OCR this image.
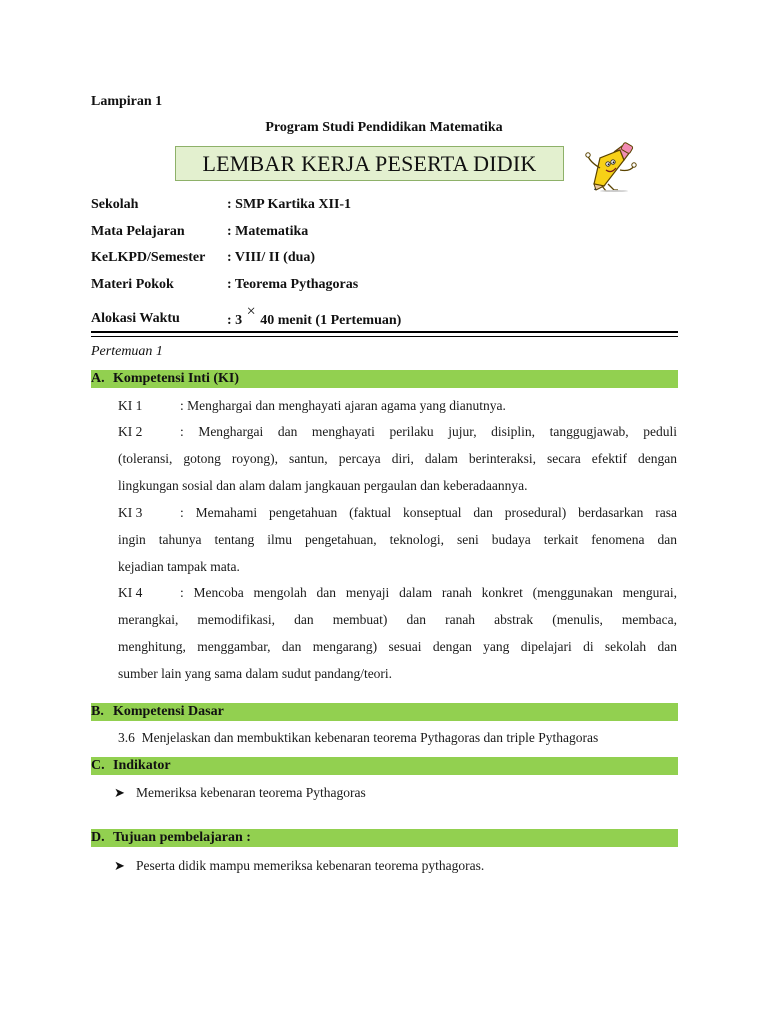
Lampiran 1
Program Studi Pendidikan Matematika
LEMBAR KERJA PESERTA DIDIK
Sekolah	: SMP Kartika XII-1
Mata Pelajaran	: Matematika
KeLKPD/Semester : VIII/ II (dua)
Materi Pokok	: Teorema Pythagoras
Alokasi Waktu	: 3 × 40 menit (1 Pertemuan)
Pertemuan 1
A. Kompetensi Inti (KI)
KI 1	: Menghargai dan menghayati ajaran agama yang dianutnya.
KI 2	: Menghargai dan menghayati perilaku jujur, disiplin, tanggugjawab, peduli
(toleransi, gotong royong), santun, percaya diri, dalam berinteraksi, secara efektif dengan
lingkungan sosial dan alam dalam jangkauan pergaulan dan keberadaannya.
KI 3	: Memahami pengetahuan (faktual konseptual dan prosedural) berdasarkan rasa
ingin tahunya tentang ilmu pengetahuan, teknologi, seni budaya terkait fenomena dan
kejadian tampak mata.
KI 4	: Mencoba mengolah dan menyaji dalam ranah konkret (menggunakan mengurai,
merangkai, memodifikasi, dan membuat) dan ranah abstrak (menulis, membaca,
menghitung, menggambar, dan mengarang) sesuai dengan yang dipelajari di sekolah dan
sumber lain yang sama dalam sudut pandang/teori.
B. Kompetensi Dasar
3.6  Menjelaskan dan membuktikan kebenaran teorema Pythagoras dan triple Pythagoras
C. Indikator
➤ Memeriksa kebenaran teorema Pythagoras
D. Tujuan pembelajaran :
➤ Peserta didik mampu memeriksa kebenaran teorema pythagoras.
